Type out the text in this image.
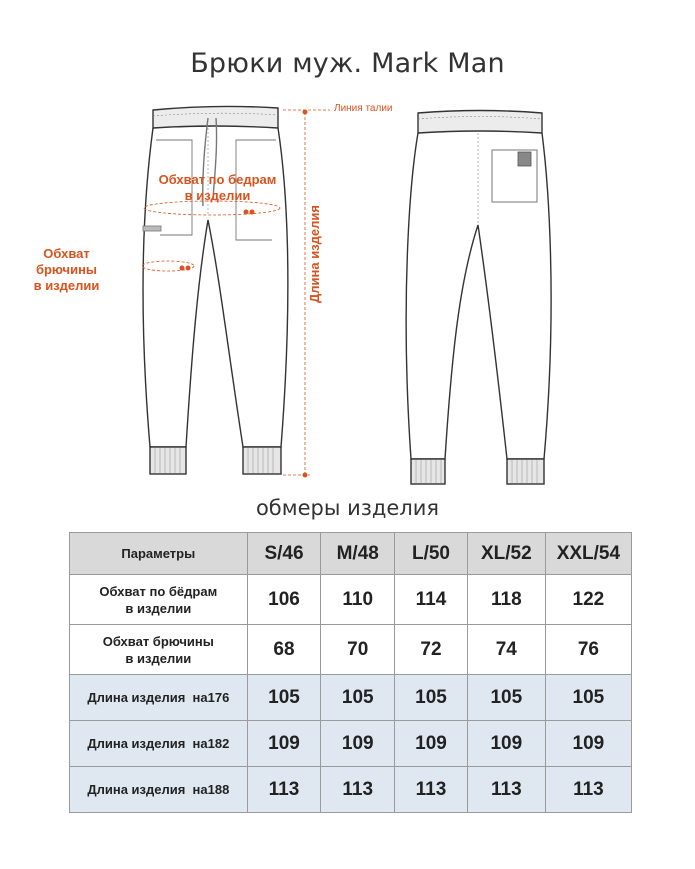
Брюки муж. Mark Man
Линия талии
Обхват по бедрам
в изделии
Обхват брючины
в изделии	Длина изделия
обмеры изделия
Параметры	S/46	M/48	L/50	XL/52	XXL/54
Обхват по бёдрам
в изделии	106	110	114	118	122
Обхват брючины
в изделии	68	70	72	74	76
Длина изделия  на176	105	105	105	105	105
Длина изделия  на182	109	109	109	109	109
Длина изделия  на188	113	113	113	113	113
